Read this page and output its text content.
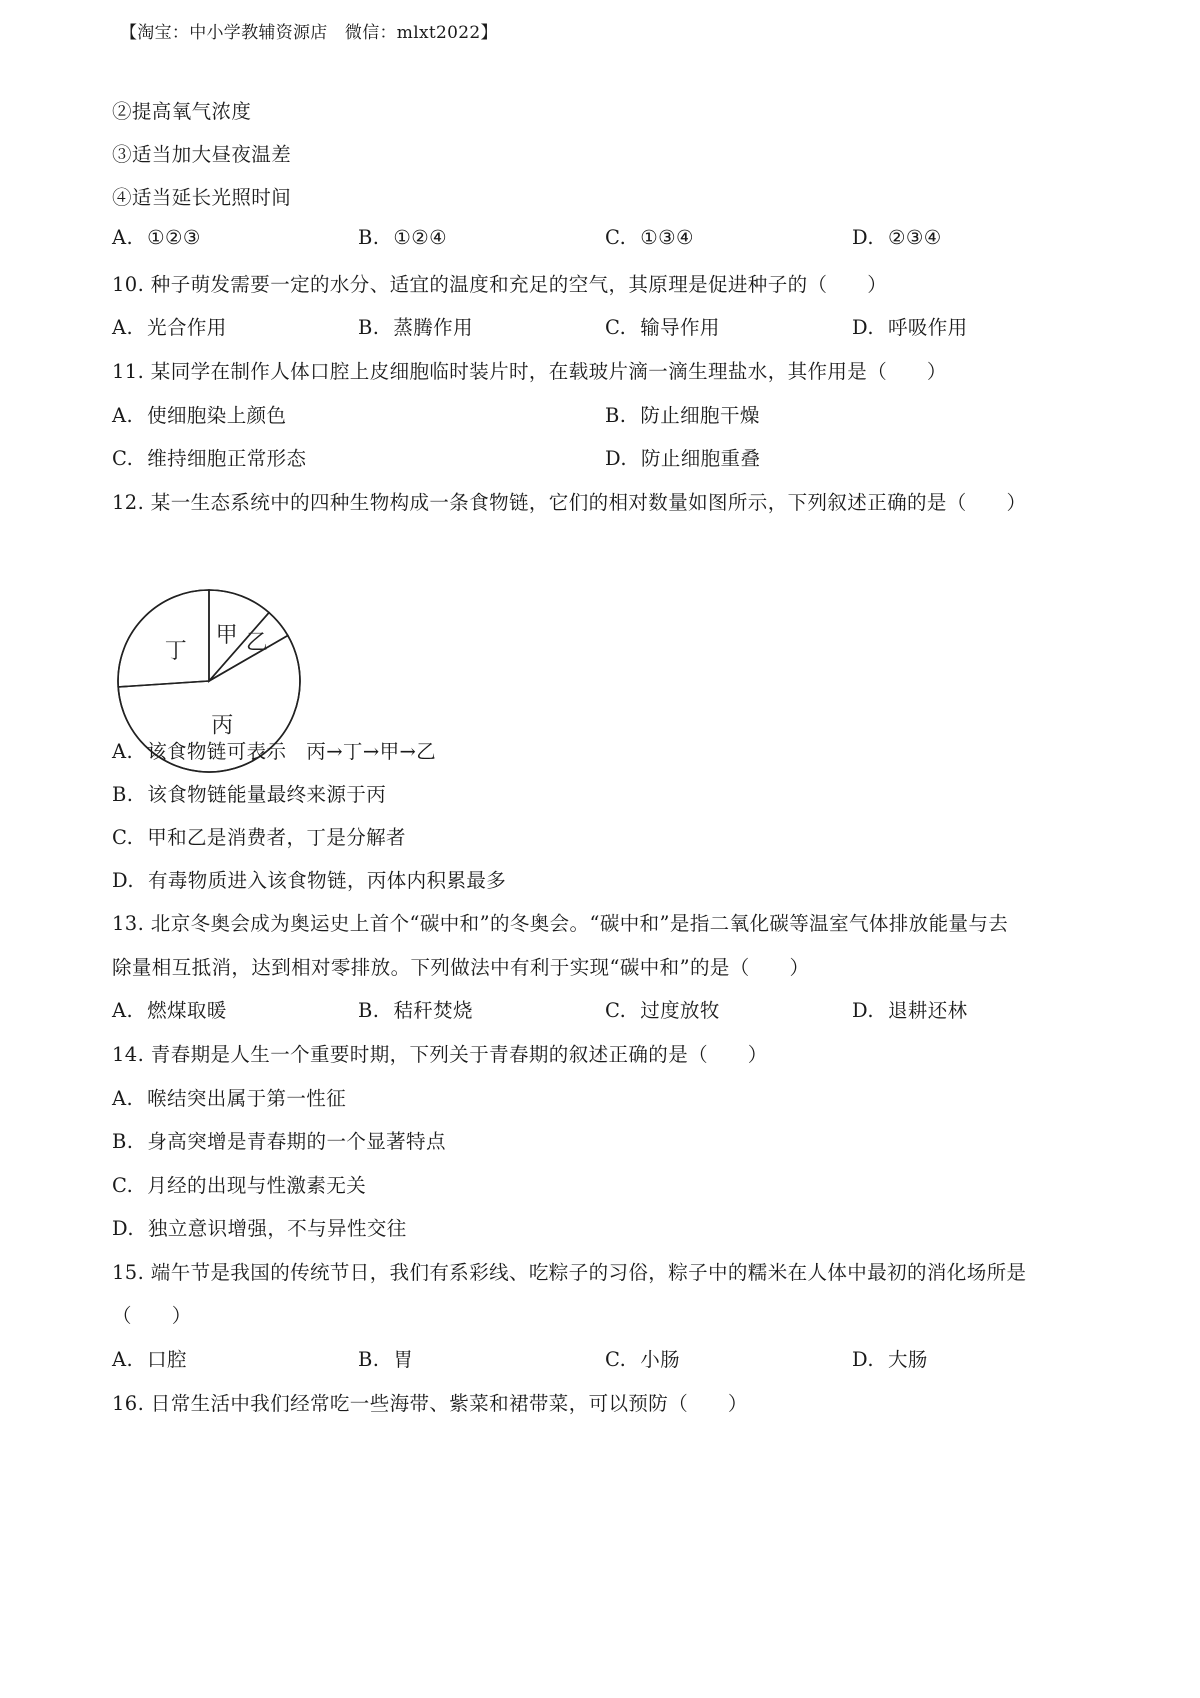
【淘宝：中小学教辅资源店　微信：mlxt2022】
②提高氧气浓度
③适当加大昼夜温差
④适当延长光照时间
A. ①②③	B. ①②④	C. ①③④	D. ②③④
10. 种子萌发需要一定的水分、适宜的温度和充足的空气，其原理是促进种子的（　　）
A. 光合作用	B. 蒸腾作用	C. 输导作用	D. 呼吸作用
11. 某同学在制作人体口腔上皮细胞临时装片时，在载玻片滴一滴生理盐水，其作用是（　　）
A. 使细胞染上颜色	B. 防止细胞干燥
C. 维持细胞正常形态	D. 防止细胞重叠
12. 某一生态系统中的四种生物构成一条食物链，它们的相对数量如图所示，下列叙述正确的是（　　）
甲 乙
丙
丁
A. 该食物链可表示　丙→丁→甲→乙
B. 该食物链能量最终来源于丙
C. 甲和乙是消费者，丁是分解者
D. 有毒物质进入该食物链，丙体内积累最多
13. 北京冬奥会成为奥运史上首个“碳中和”的冬奥会。“碳中和”是指二氧化碳等温室气体排放能量与去
除量相互抵消，达到相对零排放。下列做法中有利于实现“碳中和”的是（　　）
A. 燃煤取暖	B. 秸秆焚烧	C. 过度放牧	D. 退耕还林
14. 青春期是人生一个重要时期，下列关于青春期的叙述正确的是（　　）
A. 喉结突出属于第一性征
B. 身高突增是青春期的一个显著特点
C. 月经的出现与性激素无关
D. 独立意识增强，不与异性交往
15. 端午节是我国的传统节日，我们有系彩线、吃粽子的习俗，粽子中的糯米在人体中最初的消化场所是
（　　）
A. 口腔	B. 胃	C. 小肠	D. 大肠
16. 日常生活中我们经常吃一些海带、紫菜和裙带菜，可以预防（　　）
